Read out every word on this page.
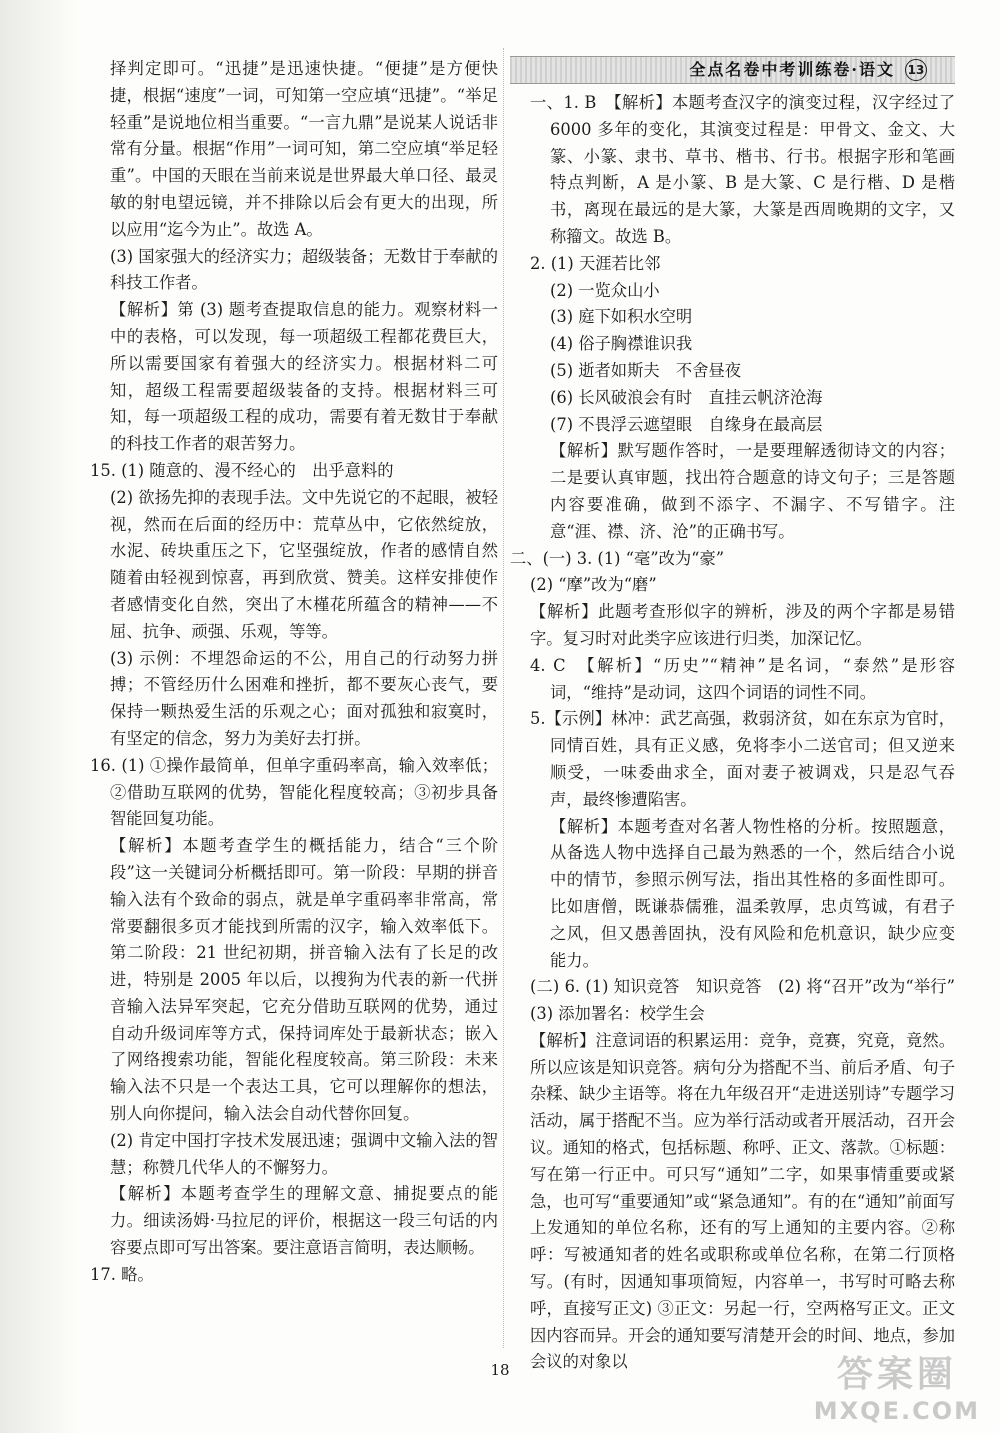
择判定即可。“迅捷”是迅速快捷。“便捷”是方便快捷，根据“速度”一词，可知第一空应填“迅捷”。“举足轻重”是说地位相当重要。“一言九鼎”是说某人说话非常有分量。根据“作用”一词可知，第二空应填“举足轻重”。中国的天眼在当前来说是世界最大单口径、最灵敏的射电望远镜，并不排除以后会有更大的出现，所以应用“迄今为止”。故选 A。

(3) 国家强大的经济实力；超级装备；无数甘于奉献的科技工作者。

【解析】第 (3) 题考查提取信息的能力。观察材料一中的表格，可以发现，每一项超级工程都花费巨大，所以需要国家有着强大的经济实力。根据材料二可知，超级工程需要超级装备的支持。根据材料三可知，每一项超级工程的成功，需要有着无数甘于奉献的科技工作者的艰苦努力。

15. (1) 随意的、漫不经心的　出乎意料的

(2) 欲扬先抑的表现手法。文中先说它的不起眼，被轻视，然而在后面的经历中：荒草丛中，它依然绽放，水泥、砖块重压之下，它坚强绽放，作者的感情自然随着由轻视到惊喜，再到欣赏、赞美。这样安排使作者感情变化自然，突出了木槿花所蕴含的精神——不屈、抗争、顽强、乐观，等等。

(3) 示例：不埋怨命运的不公，用自己的行动努力拼搏；不管经历什么困难和挫折，都不要灰心丧气，要保持一颗热爱生活的乐观之心；面对孤独和寂寞时，有坚定的信念，努力为美好去打拼。

16. (1) ①操作最简单，但单字重码率高，输入效率低；②借助互联网的优势，智能化程度较高；③初步具备智能回复功能。

【解析】本题考查学生的概括能力，结合“三个阶段”这一关键词分析概括即可。第一阶段：早期的拼音输入法有个致命的弱点，就是单字重码率非常高，常常要翻很多页才能找到所需的汉字，输入效率低下。第二阶段：21 世纪初期，拼音输入法有了长足的改进，特别是 2005 年以后，以搜狗为代表的新一代拼音输入法异军突起，它充分借助互联网的优势，通过自动升级词库等方式，保持词库处于最新状态；嵌入了网络搜索功能，智能化程度较高。第三阶段：未来输入法不只是一个表达工具，它可以理解你的想法，别人向你提问，输入法会自动代替你回复。

(2) 肯定中国打字技术发展迅速；强调中文输入法的智慧；称赞几代华人的不懈努力。

【解析】本题考查学生的理解文意、捕捉要点的能力。细读汤姆·马拉尼的评价，根据这一段三句话的内容要点即可写出答案。要注意语言简明，表达顺畅。

17. 略。

全点名卷中考训练卷·语文 13

一、1. B　【解析】本题考查汉字的演变过程，汉字经过了 6000 多年的变化，其演变过程是：甲骨文、金文、大篆、小篆、隶书、草书、楷书、行书。根据字形和笔画特点判断，A 是小篆、B 是大篆、C 是行楷、D 是楷书，离现在最远的是大篆，大篆是西周晚期的文字，又称籀文。故选 B。

2. (1) 天涯若比邻

(2) 一览众山小

(3) 庭下如积水空明

(4) 俗子胸襟谁识我

(5) 逝者如斯夫　不舍昼夜

(6) 长风破浪会有时　直挂云帆济沧海

(7) 不畏浮云遮望眼　自缘身在最高层

【解析】默写题作答时，一是要理解透彻诗文的内容；二是要认真审题，找出符合题意的诗文句子；三是答题内容要准确，做到不添字、不漏字、不写错字。注意“涯、襟、济、沧”的正确书写。

二、(一) 3. (1) “毫”改为“豪”

(2) “摩”改为“磨”

【解析】此题考查形似字的辨析，涉及的两个字都是易错字。复习时对此类字应该进行归类，加深记忆。

4. C　【解析】“历史”“精神”是名词，“泰然”是形容词，“维持”是动词，这四个词语的词性不同。

5.【示例】林冲：武艺高强，救弱济贫，如在东京为官时，同情百姓，具有正义感，免将李小二送官司；但又逆来顺受，一味委曲求全，面对妻子被调戏，只是忍气吞声，最终惨遭陷害。

【解析】本题考查对名著人物性格的分析。按照题意，从备选人物中选择自己最为熟悉的一个，然后结合小说中的情节，参照示例写法，指出其性格的多面性即可。比如唐僧，既谦恭儒雅，温柔敦厚，忠贞笃诚，有君子之风，但又愚善固执，没有风险和危机意识，缺少应变能力。

(二) 6. (1) 知识竞答　知识竞答　(2) 将“召开”改为“举行”　(3) 添加署名：校学生会

【解析】注意词语的积累运用：竞争，竞赛，究竟，竟然。所以应该是知识竞答。病句分为搭配不当、前后矛盾、句子杂糅、缺少主语等。将在九年级召开“走进送别诗”专题学习活动，属于搭配不当。应为举行活动或者开展活动，召开会议。通知的格式，包括标题、称呼、正文、落款。①标题：写在第一行正中。可只写“通知”二字，如果事情重要或紧急，也可写“重要通知”或“紧急通知”。有的在“通知”前面写上发通知的单位名称，还有的写上通知的主要内容。②称呼：写被通知者的姓名或职称或单位名称，在第二行顶格写。(有时，因通知事项简短，内容单一，书写时可略去称呼，直接写正文) ③正文：另起一行，空两格写正文。正文因内容而异。开会的通知要写清楚开会的时间、地点，参加会议的对象以

18	答案圈
MXQE.COM
